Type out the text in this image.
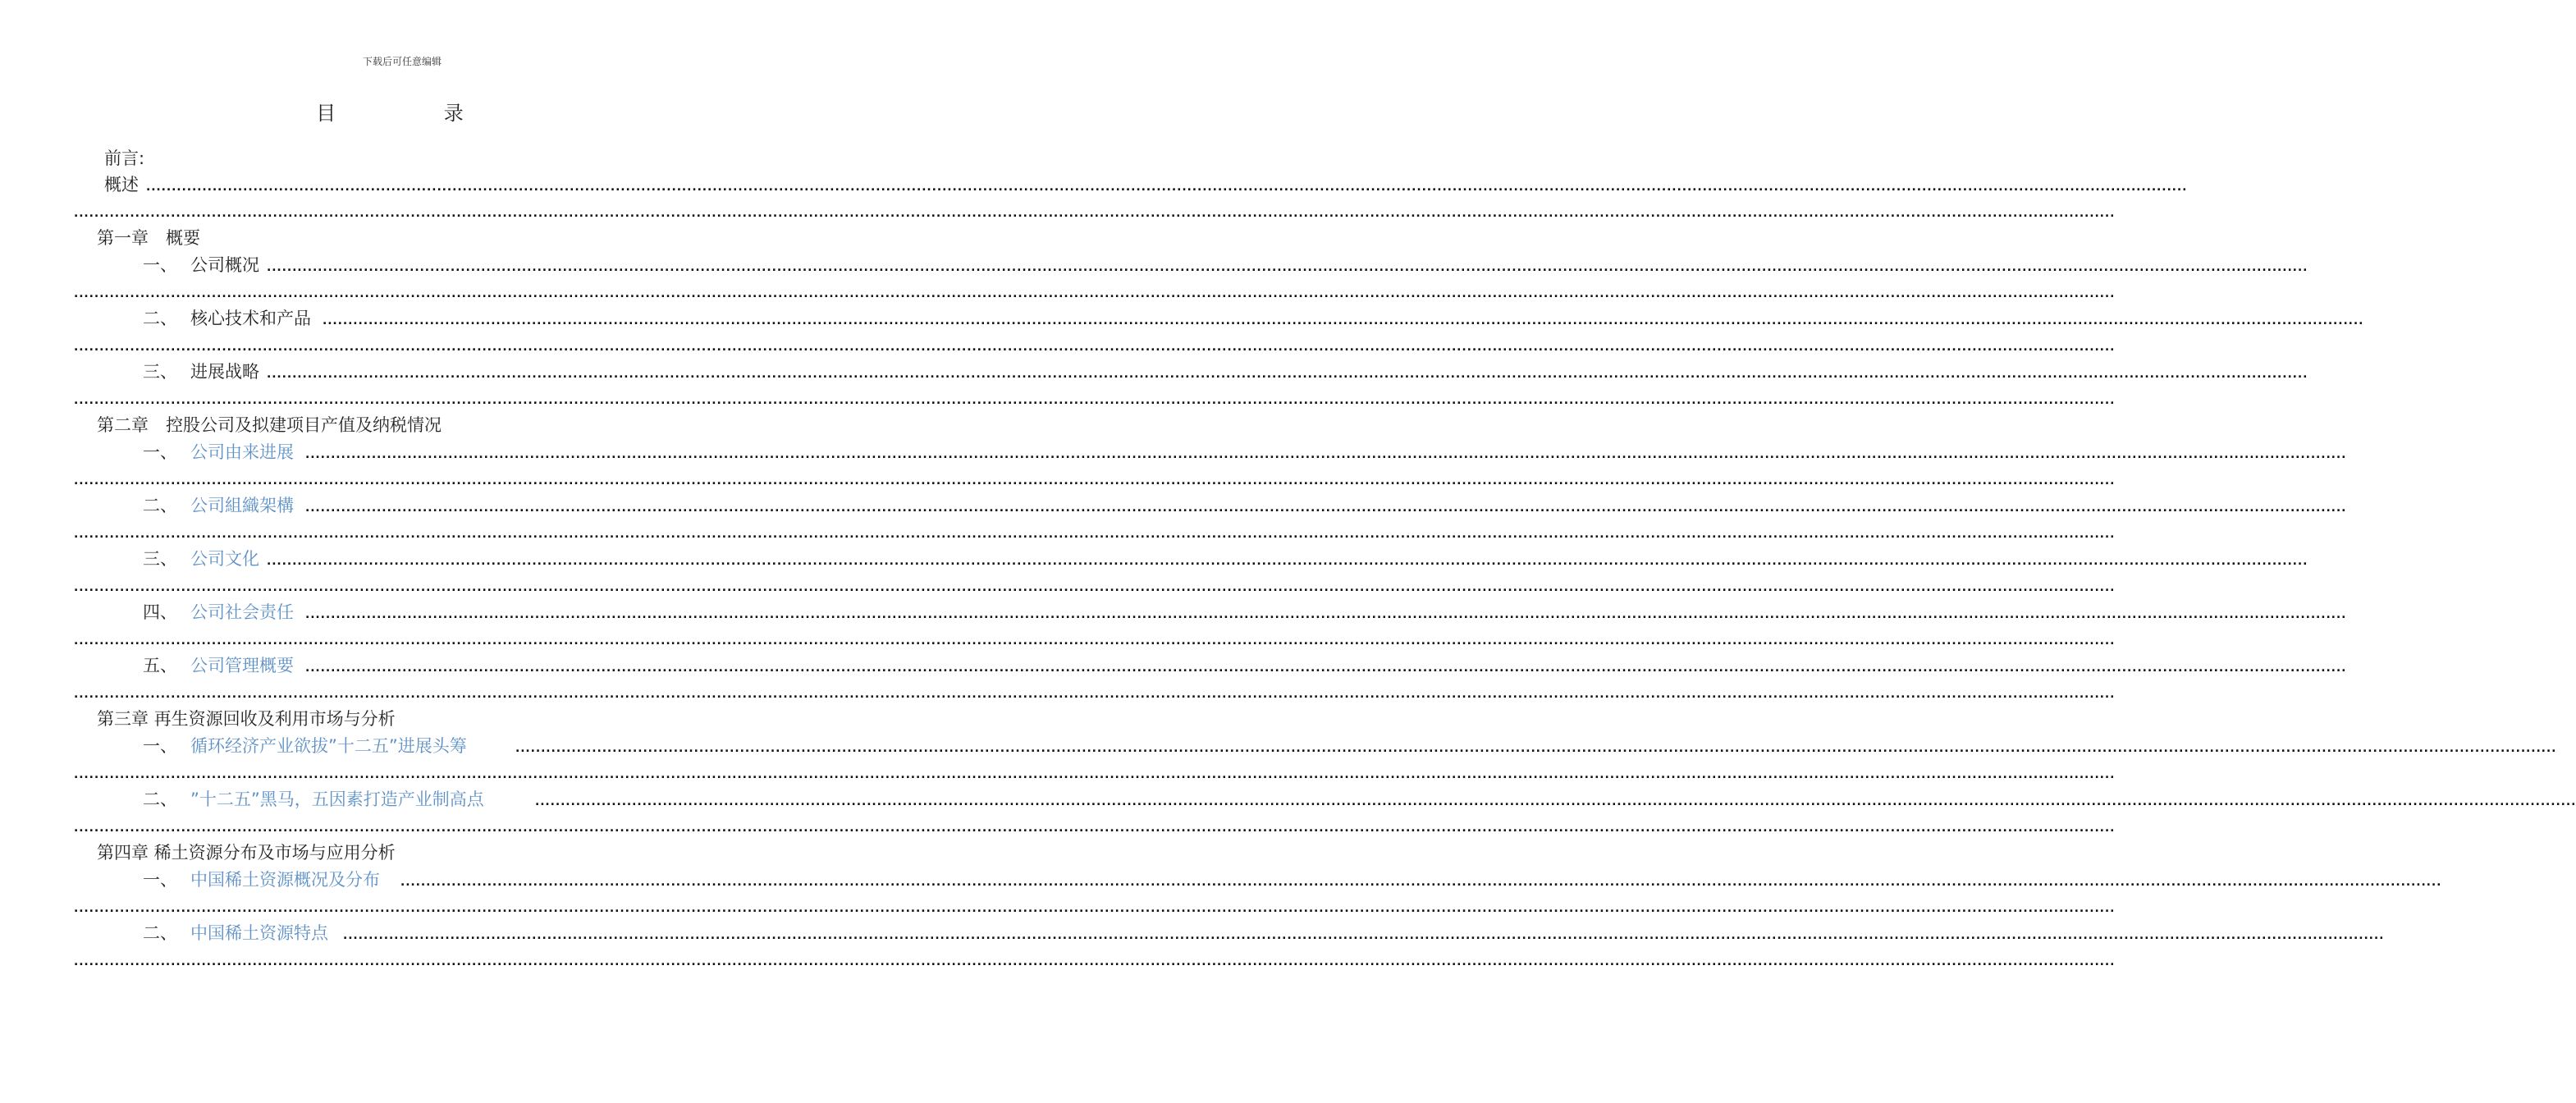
下载后可任意编辑
目 录
前言:
概述 ................................................................................................................................................................................................................................................................................................................................................................................................................
................................................................................................................................................................................................................................................................................................................................................................................................................
第一章　概要
一、 公司概况 ................................................................................................................................................................................................................................................................................................................................................................................................................
................................................................................................................................................................................................................................................................................................................................................................................................................
二、 核心技术和产品	................................................................................................................................................................................................................................................................................................................................................................................................................
................................................................................................................................................................................................................................................................................................................................................................................................................
三、 进展战略 ................................................................................................................................................................................................................................................................................................................................................................................................................
................................................................................................................................................................................................................................................................................................................................................................................................................
第二章　控股公司及拟建项目产值及纳税情况
一、 公司由来进展	................................................................................................................................................................................................................................................................................................................................................................................................................
................................................................................................................................................................................................................................................................................................................................................................................................................
二、 公司組織架構	................................................................................................................................................................................................................................................................................................................................................................................................................
................................................................................................................................................................................................................................................................................................................................................................................................................
三、 公司文化 ................................................................................................................................................................................................................................................................................................................................................................................................................
................................................................................................................................................................................................................................................................................................................................................................................................................
四、 公司社会责任	................................................................................................................................................................................................................................................................................................................................................................................................................
................................................................................................................................................................................................................................................................................................................................................................................................................
五、 公司管理概要	................................................................................................................................................................................................................................................................................................................................................................................................................
................................................................................................................................................................................................................................................................................................................................................................................................................
第三章 再生资源回收及利用市场与分析
一、 循环经济产业欲拔”十二五”进展头筹	................................................................................................................................................................................................................................................................................................................................................................................................................
................................................................................................................................................................................................................................................................................................................................................................................................................
二、 ”十二五”黑马，五因素打造产业制高点	................................................................................................................................................................................................................................................................................................................................................................................................................
................................................................................................................................................................................................................................................................................................................................................................................................................
第四章 稀土资源分布及市场与应用分析
一、 中国稀土资源概况及分布	................................................................................................................................................................................................................................................................................................................................................................................................................
................................................................................................................................................................................................................................................................................................................................................................................................................
二、 中国稀土资源特点	................................................................................................................................................................................................................................................................................................................................................................................................................
................................................................................................................................................................................................................................................................................................................................................................................................................
